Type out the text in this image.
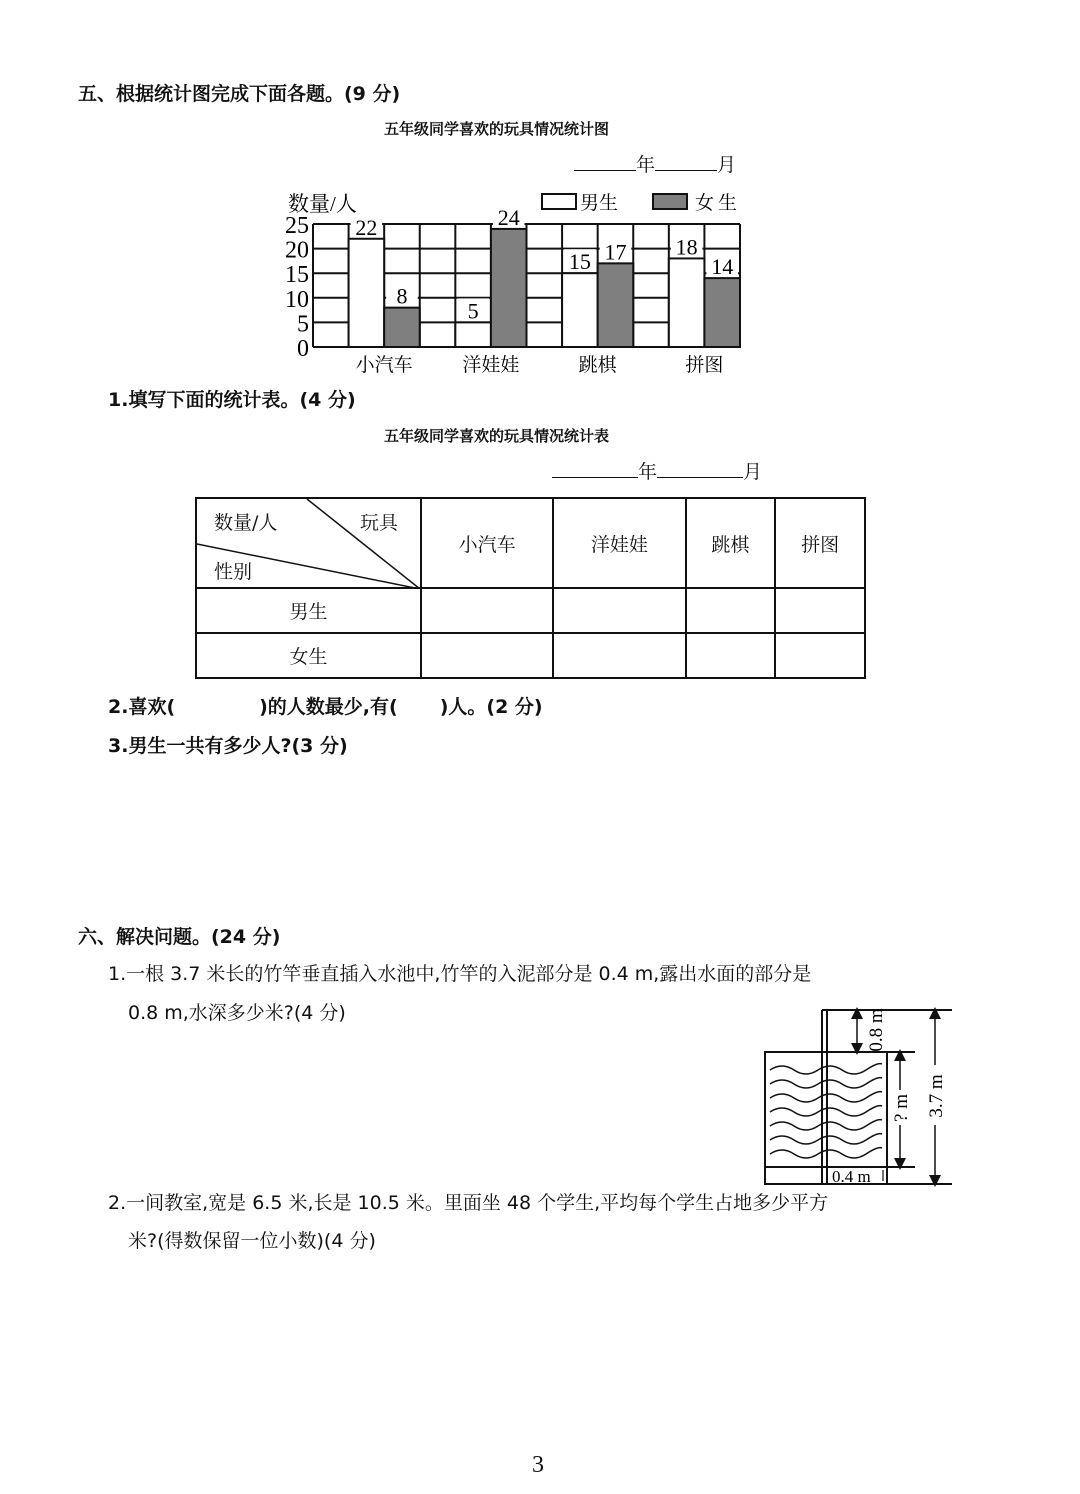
五、根据统计图完成下面各题。(9 分)
五年级同学喜欢的玩具情况统计图
年	月
0
5
10
15
20
25 22
8
小汽车
5
24
洋娃娃
15 17
跳棋
18
14
拼图
数量/人	男生	女生
1.填写下面的统计表。(4 分)
五年级同学喜欢的玩具情况统计表
年	月
数量/人 玩具
性别	小汽车	洋娃娃	跳棋	拼图
男生				
女生				
2.喜欢(	)的人数最少,有( )人。(2 分)
3.男生一共有多少人?(3 分)
六、解决问题。(24 分)
1.一根 3.7 米长的竹竿垂直插入水池中,竹竿的入泥部分是 0.4 m,露出水面的部分是
0.8 m,水深多少米?(4 分)	0.8 m
? m 3.7 m
0.4 m
2.一间教室,宽是 6.5 米,长是 10.5 米。里面坐 48 个学生,平均每个学生占地多少平方
米?(得数保留一位小数)(4 分)
3
